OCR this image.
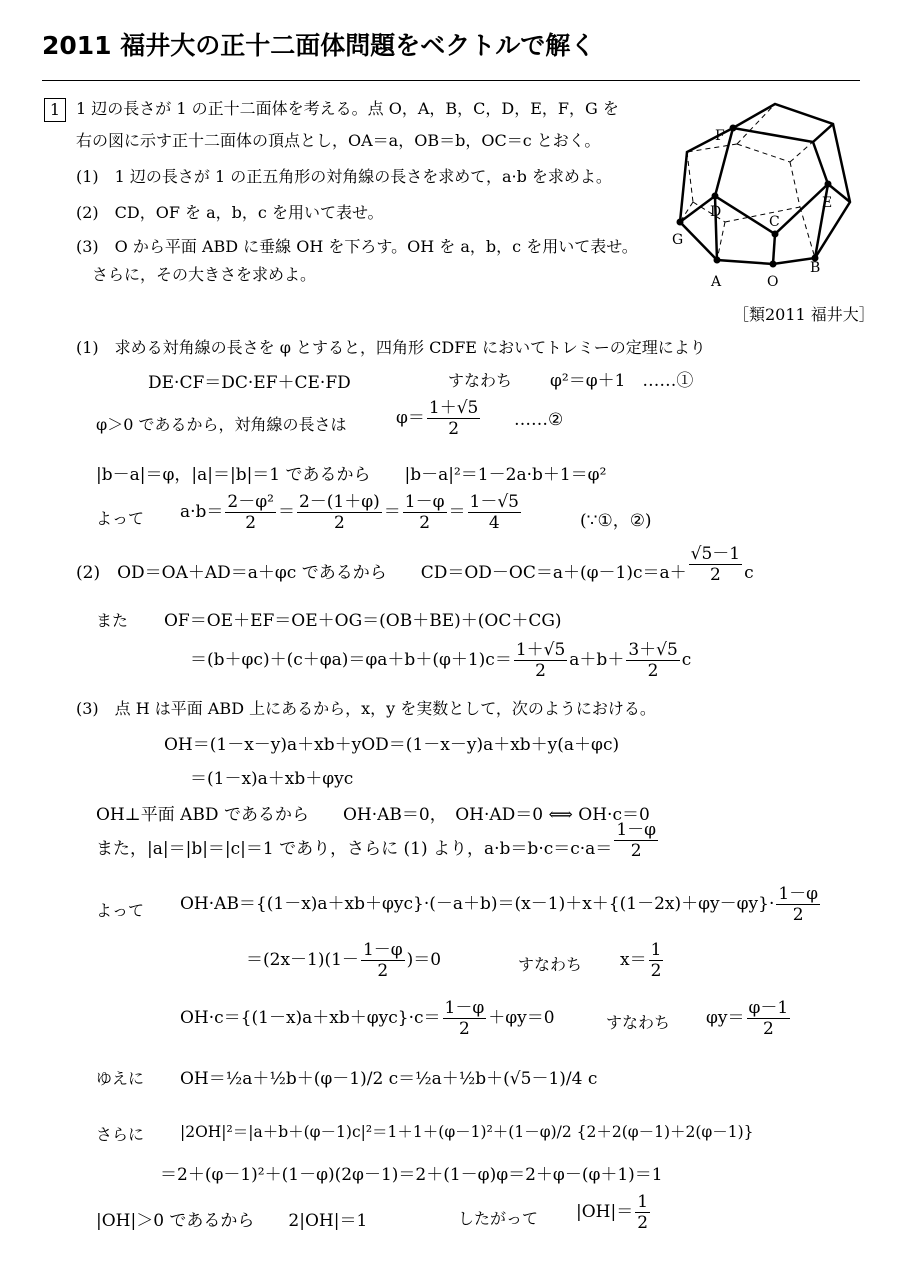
2011 福井大の正十二面体問題をベクトルで解く
1 1 辺の長さが 1 の正十二面体を考える。点 O，A，B，C，D，E，F，G を
右の図に示す正十二面体の頂点とし，OA＝a，OB＝b，OC＝c とおく。
(1)　1 辺の長さが 1 の正五角形の対角線の長さを求めて，a·b を求めよ。
(2)　CD，OF を a，b，c を用いて表せ。
(3)　O から平面 ABD に垂線 OH を下ろす。OH を a，b，c を用いて表せ。
　さらに，その大きさを求めよ。
F
D
C
E
G
A	O
B
［類2011 福井大］
(1)　求める対角線の長さを φ とすると，四角形 CDFE においてトレミーの定理により
DE·CF＝DC·EF＋CE·FD	すなわち φ²＝φ＋1　……①
φ＞0 であるから，対角線の長さは	$\varphi= \frac{1+√5}{2}$ ……②
|b－a|＝φ，|a|＝|b|＝1 であるから　　|b－a|²＝1－2a·b＋1＝φ²
よって $a\cdot b= \frac{\text{2－φ²}}{2} = \frac{2-(1+\varphi)}{2} = \frac{1-\varphi}{2} = \frac{1-√5}{4}$	(∵①，②)
(2)　OD＝OA＋AD＝a＋φc であるから　　$CD=OD-OC=a+(\varphi-1)c=a+ \frac{√5-1}{2}$ c
また OF＝OE＋EF＝OE＋OG＝(OB＋BE)＋(OC＋CG)
$=(b+\varphi c)+(c+\varphi a)=\varphi a+b+(\varphi+1)c= \frac{1+√5}{2} a+b+ \frac{3+√5}{2}$ c
(3)　点 H は平面 ABD 上にあるから，x，y を実数として，次のようにおける。
OH＝(1－x－y)a＋xb＋yOD＝(1－x－y)a＋xb＋y(a＋φc)
＝(1－x)a＋xb＋φyc
OH⊥平面 ABD であるから　　OH·AB＝0，　OH·AD＝0 ⟺ OH·c＝0
また，|a|＝|b|＝|c|＝1 であり，さらに (1) より，$a\cdot b=b\cdot c=c\cdot a= \frac{1-\varphi}{2}$
よって $OH\cdot AB=\{(1-x)a+xb+\varphi yc\}\cdot(-a+b)=(x-1)+x+\{(1-2x)+\varphi y-\varphi y\}\cdot \frac{1-\varphi}{2}$
$=(2x-1)(1- \frac{1-\varphi}{2} )=0$	すなわち $x= \frac{1}{2}$
$OH\cdot c=\{(1-x)a+xb+\varphi yc\}\cdot c= \frac{1-\varphi}{2} +\varphi y=0$	すなわち $\varphi y= \frac{\varphi-1}{2}$
ゆえに OH＝½a＋½b＋(φ－1)/2 c＝½a＋½b＋(√5－1)/4 c
さらに |2OH|²＝|a＋b＋(φ－1)c|²＝1＋1＋(φ－1)²＋(1－φ)/2 {2＋2(φ－1)＋2(φ－1)}
＝2＋(φ－1)²＋(1－φ)(2φ－1)＝2＋(1－φ)φ＝2＋φ－(φ＋1)＝1
|OH|＞0 であるから　　2|OH|＝1	したがって $|OH|= \frac{1}{2}$
